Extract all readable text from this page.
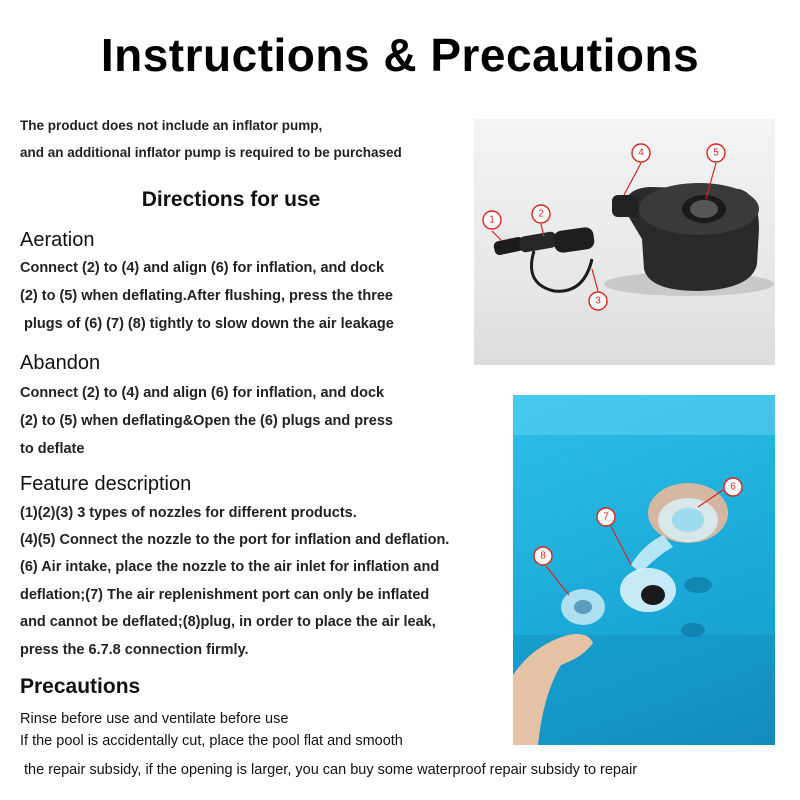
Instructions & Precautions
The product does not include an inflator pump,
and an additional inflator pump is required to be purchased
Directions for use
Aeration
Connect (2) to (4) and align (6) for inflation, and dock
(2) to (5) when deflating.After flushing, press the three
plugs of (6) (7) (8) tightly to slow down the air leakage
Abandon
Connect (2) to (4) and align (6) for inflation, and dock
(2) to (5) when deflating&Open the (6) plugs and press
to deflate
Feature description
(1)(2)(3) 3 types of nozzles for different products.
(4)(5) Connect the nozzle to the port for inflation and deflation.
(6) Air intake, place the nozzle to the air inlet for inflation and
deflation;(7) The air replenishment port can only be inflated
and cannot be deflated;(8)plug, in order to place the air leak,
press the 6.7.8 connection firmly.
Precautions
Rinse before use and ventilate before use
If the pool is accidentally cut, place the pool flat and smooth
the repair subsidy, if the opening is larger, you can buy some waterproof repair subsidy to repair
1
2
3
4	5
6
7
8
